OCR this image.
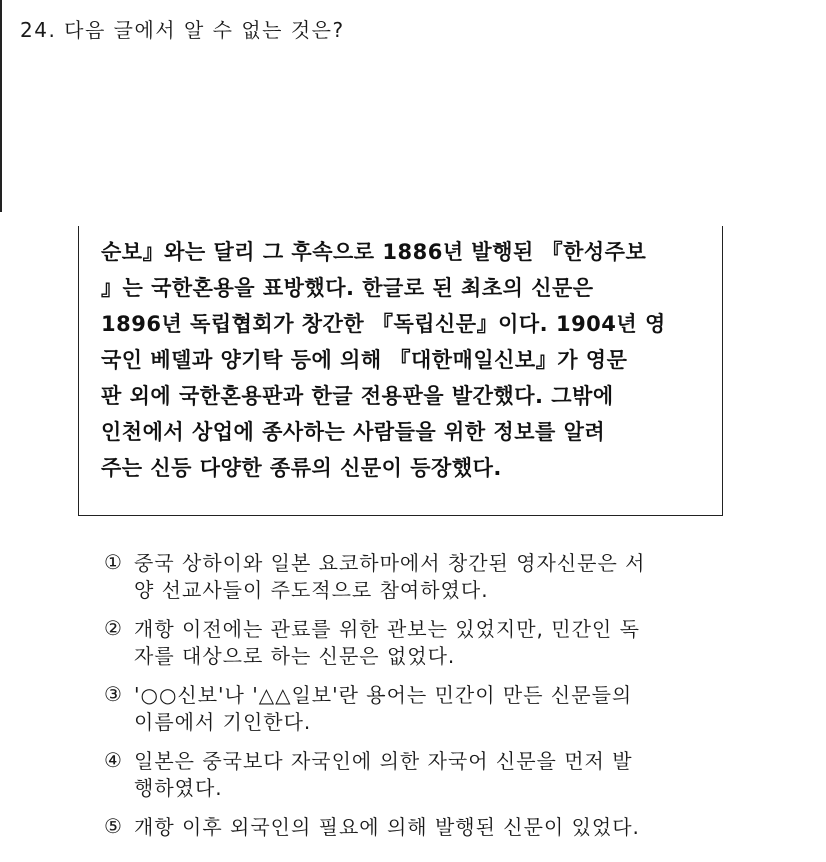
24. 다음 글에서 알 수 없는 것은?
순보』와는 달리 그 후속으로 1886년 발행된 『한성주보
』는 국한혼용을 표방했다. 한글로 된 최초의 신문은
1896년 독립협회가 창간한 『독립신문』이다. 1904년 영
국인 베델과 양기탁 등에 의해 『대한매일신보』가 영문
판 외에 국한혼용판과 한글 전용판을 발간했다. 그밖에
인천에서 상업에 종사하는 사람들을 위한 정보를 알려
주는 신등 다양한 종류의 신문이 등장했다.
① 중국 상하이와 일본 요코하마에서 창간된 영자신문은 서
양 선교사들이 주도적으로 참여하였다.
② 개항 이전에는 관료를 위한 관보는 있었지만, 민간인 독
자를 대상으로 하는 신문은 없었다.
③ '○○신보'나 '△△일보'란 용어는 민간이 만든 신문들의
이름에서 기인한다.
④ 일본은 중국보다 자국인에 의한 자국어 신문을 먼저 발
행하였다.
⑤ 개항 이후 외국인의 필요에 의해 발행된 신문이 있었다.
